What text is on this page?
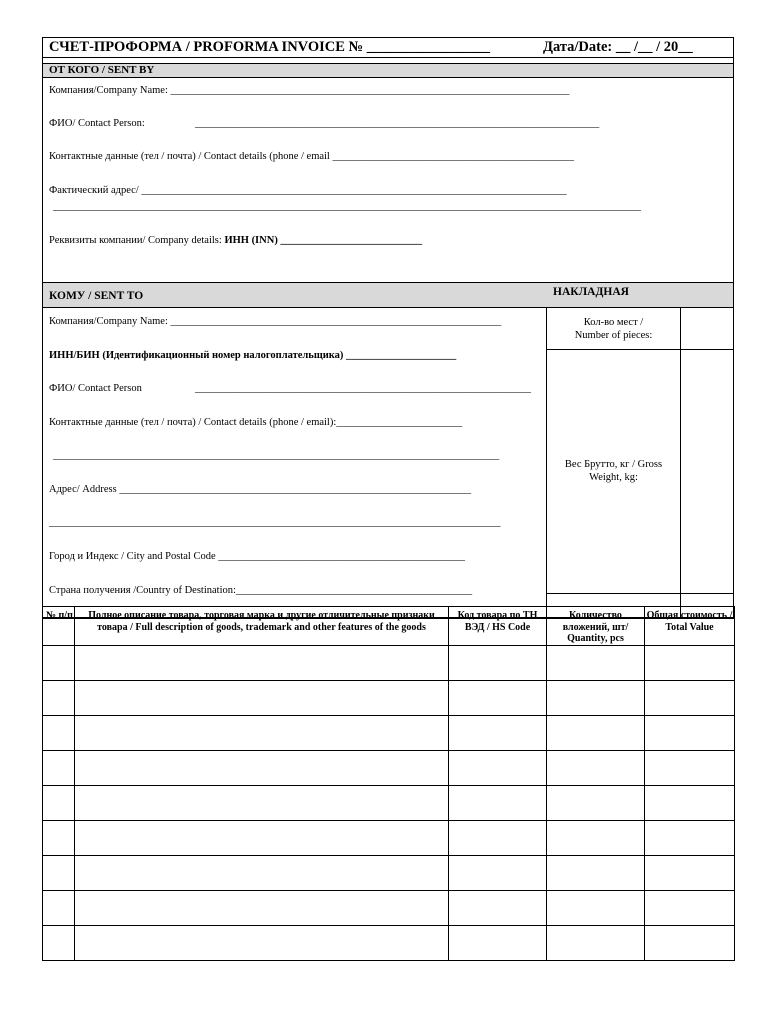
СЧЕТ-ПРОФОРМА / PROFORMA INVOICE № _________________	Дата/Date: __ /__ / 20__
ОТ КОГО / SENT BY
Компания/Company Name: ____________________________________________________________________________
ФИО/ Contact Person:	_____________________________________________________________________________
Контактные данные (тел / почта) / Contact details (phone / email ______________________________________________
Фактический адрес/ _________________________________________________________________________________
________________________________________________________________________________________________________________
Реквизиты компании/ Company details: ИНН (INN) ___________________________
КОМУ / SENT TO
Компания/Company Name: _______________________________________________________________
ИНН/БИН (Идентификационный номер налогоплательщика) _____________________
ФИО/ Contact Person	________________________________________________________________
Контактные данные (тел / почта) / Contact details (phone / email):________________________
_____________________________________________________________________________________
Адрес/ Address ___________________________________________________________________
______________________________________________________________________________________
Город и Индекс / City and Postal Code _______________________________________________
Страна получения /Country of Destination:_____________________________________________
НАКЛАДНАЯ
Кол-во мест / Number of pieces:
Вес Брутто, кг / Gross Weight, kg:
№ п/п	Полное описание товара, торговая марка и другие отличительные признаки товара / Full description of goods, trademark and other features of the goods	Код товара по ТН ВЭД / HS Code	Количество вложений, шт/ Quantity, pcs	Общая стоимость / Total Value
